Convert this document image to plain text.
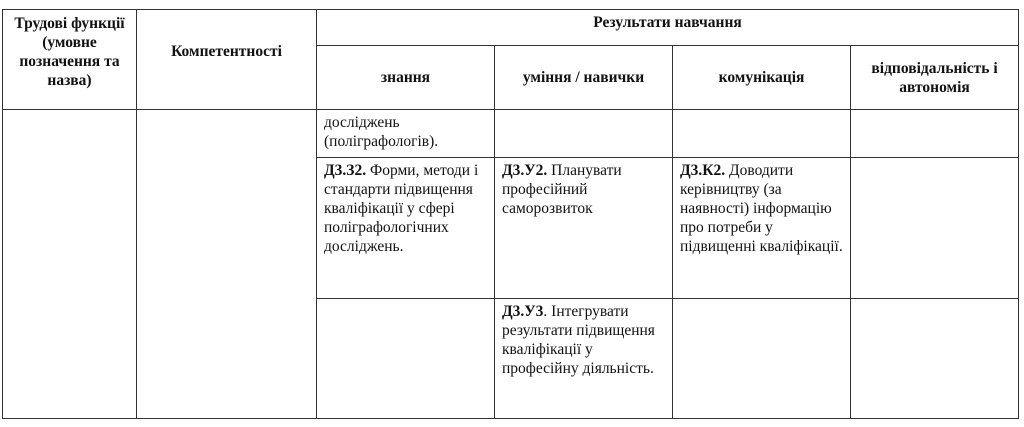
Трудові функції (умовне позначення та назва)	Компетентності	Результати навчання			
		знання	уміння / навички	комунікація	відповідальність і автономія
		досліджень (поліграфологів).			
		Д3.З2. Форми, методи і стандарти підвищення кваліфікації у сфері поліграфологічних досліджень.	Д3.У2. Планувати професійний саморозвиток	Д3.К2. Доводити керівництву (за наявності) інформацію про потреби у підвищенні кваліфікації.	
			Д3.У3. Інтегрувати результати підвищення кваліфікації у професійну діяльність.		
